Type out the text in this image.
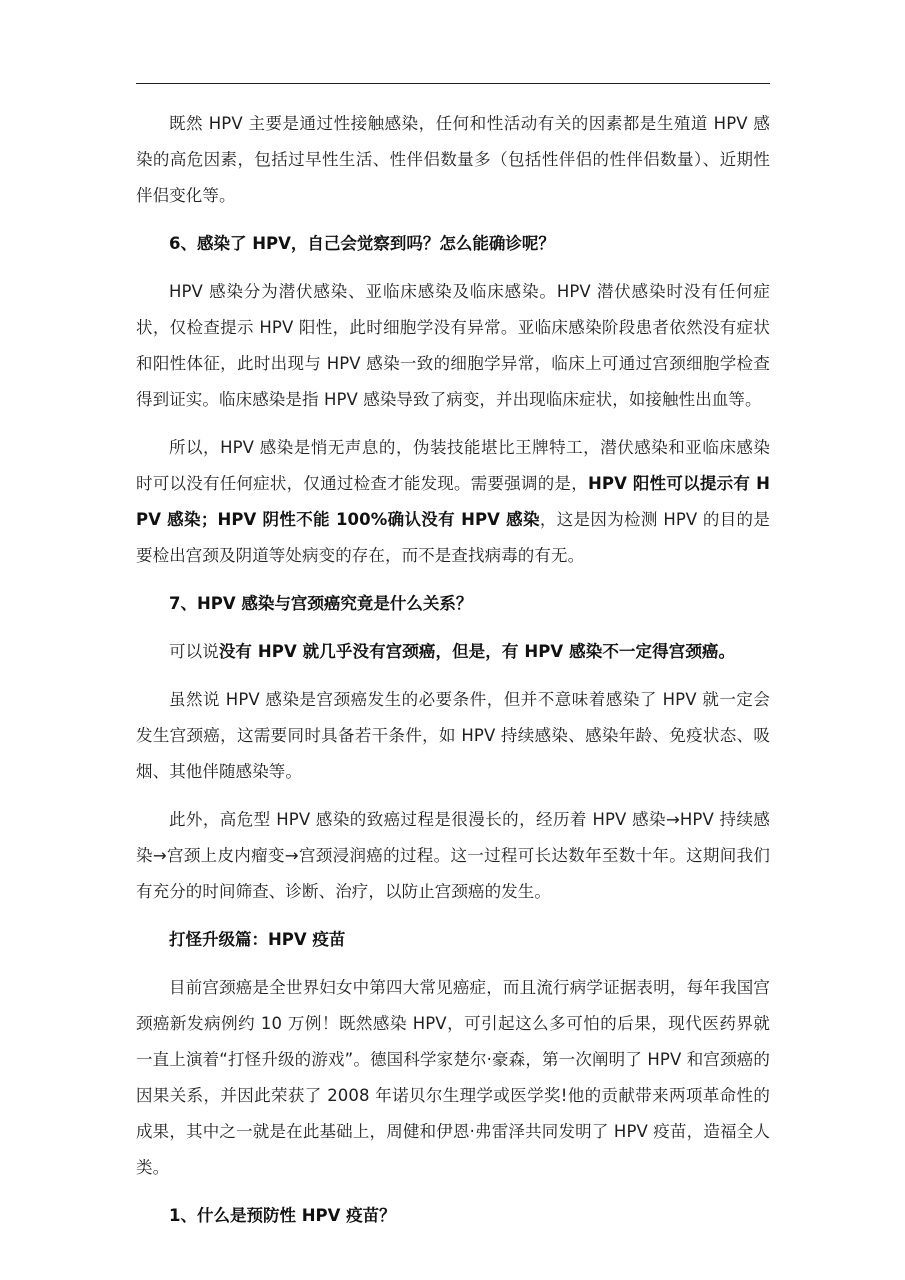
既然 HPV 主要是通过性接触感染，任何和性活动有关的因素都是生殖道 HPV 感染的高危因素，包括过早性生活、性伴侣数量多（包括性伴侣的性伴侣数量）、近期性伴侣变化等。

6、感染了 HPV，自己会觉察到吗？怎么能确诊呢？

HPV 感染分为潜伏感染、亚临床感染及临床感染。HPV 潜伏感染时没有任何症状，仅检查提示 HPV 阳性，此时细胞学没有异常。亚临床感染阶段患者依然没有症状和阳性体征，此时出现与 HPV 感染一致的细胞学异常，临床上可通过宫颈细胞学检查得到证实。临床感染是指 HPV 感染导致了病变，并出现临床症状，如接触性出血等。

所以，HPV 感染是悄无声息的，伪装技能堪比王牌特工，潜伏感染和亚临床感染时可以没有任何症状，仅通过检查才能发现。需要强调的是，HPV 阳性可以提示有 HPV 感染；HPV 阴性不能 100%确认没有 HPV 感染，这是因为检测 HPV 的目的是要检出宫颈及阴道等处病变的存在，而不是查找病毒的有无。

7、HPV 感染与宫颈癌究竟是什么关系？

可以说没有 HPV 就几乎没有宫颈癌，但是，有 HPV 感染不一定得宫颈癌。

虽然说 HPV 感染是宫颈癌发生的必要条件，但并不意味着感染了 HPV 就一定会发生宫颈癌，这需要同时具备若干条件，如 HPV 持续感染、感染年龄、免疫状态、吸烟、其他伴随感染等。

此外，高危型 HPV 感染的致癌过程是很漫长的，经历着 HPV 感染→HPV 持续感染→宫颈上皮内瘤变→宫颈浸润癌的过程。这一过程可长达数年至数十年。这期间我们有充分的时间筛查、诊断、治疗，以防止宫颈癌的发生。

打怪升级篇：HPV 疫苗

目前宫颈癌是全世界妇女中第四大常见癌症，而且流行病学证据表明，每年我国宫颈癌新发病例约 10 万例！既然感染 HPV，可引起这么多可怕的后果，现代医药界就一直上演着“打怪升级的游戏”。德国科学家楚尔·豪森，第一次阐明了 HPV 和宫颈癌的因果关系，并因此荣获了 2008 年诺贝尔生理学或医学奖!他的贡献带来两项革命性的成果，其中之一就是在此基础上，周健和伊恩·弗雷泽共同发明了 HPV 疫苗，造福全人类。

1、什么是预防性 HPV 疫苗？
